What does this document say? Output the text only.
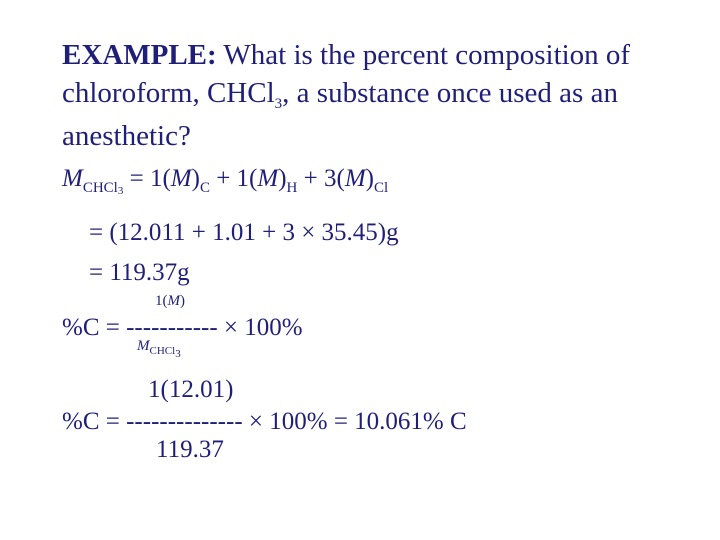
EXAMPLE: What is the percent composition of chloroform, CHCl$_3$, a substance once used as an anesthetic?
$M_{CHCl3} = 1(M)_C + 1(M)_H + 3(M)_{Cl}$
= (12.011 + 1.01 + 3 × 35.45)g
= 119.37g
1(M)
%C = ----------- × 100%
$M_{CHCl3}$
1(12.01)
%C = -------------- × 100% = 10.061% C
119.37
